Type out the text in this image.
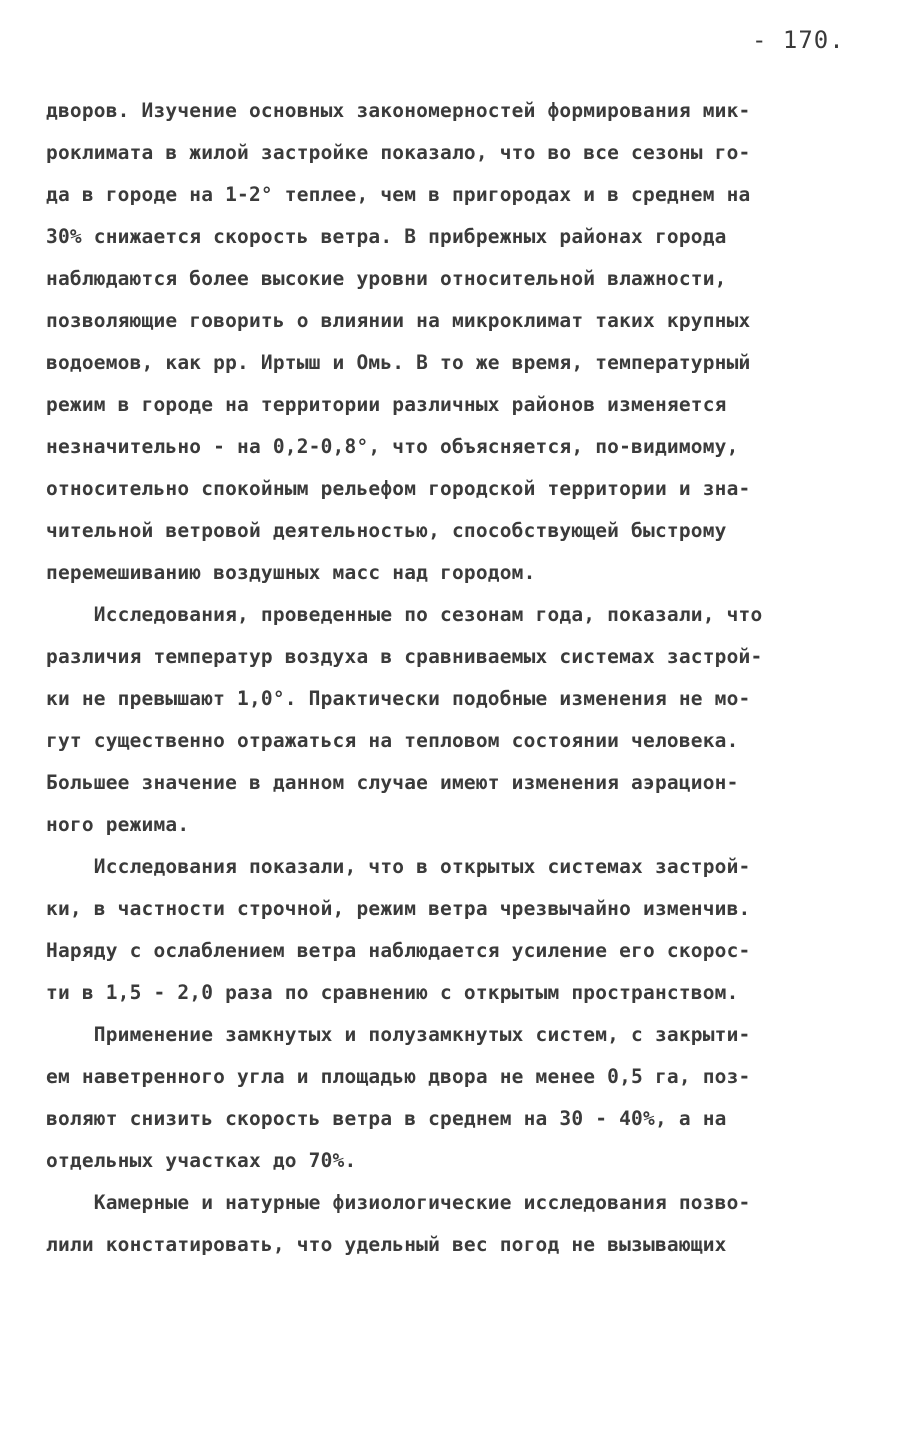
- 170.
дворов. Изучение основных закономерностей формирования мик-
роклимата в жилой застройке показало, что во все сезоны го-
да в городе на 1-2° теплее, чем в пригородах и в среднем на
30% снижается скорость ветра. В прибрежных районах города
наблюдаются более высокие уровни относительной влажности,
позволяющие говорить о влиянии на микроклимат таких крупных
водоемов, как рр. Иртыш и Омь. В то же время, температурный
режим в городе на территории различных районов изменяется
незначительно - на 0,2-0,8°, что объясняется, по-видимому,
относительно спокойным рельефом городской территории и зна-
чительной ветровой деятельностью, способствующей быстрому
перемешиванию воздушных масс над городом.
Исследования, проведенные по сезонам года, показали, что
различия температур воздуха в сравниваемых системах застрой-
ки не превышают 1,0°. Практически подобные изменения не мо-
гут существенно отражаться на тепловом состоянии человека.
Большее значение в данном случае имеют изменения аэрацион-
ного режима.
Исследования показали, что в открытых системах застрой-
ки, в частности строчной, режим ветра чрезвычайно изменчив.
Наряду с ослаблением ветра наблюдается усиление его скорос-
ти в 1,5 - 2,0 раза по сравнению с открытым пространством.
Применение замкнутых и полузамкнутых систем, с закрыти-
ем наветренного угла и площадью двора не менее 0,5 га, поз-
воляют снизить скорость ветра в среднем на 30 - 40%, а на
отдельных участках до 70%.
Камерные и натурные физиологические исследования позво-
лили констатировать, что удельный вес погод не вызывающих
